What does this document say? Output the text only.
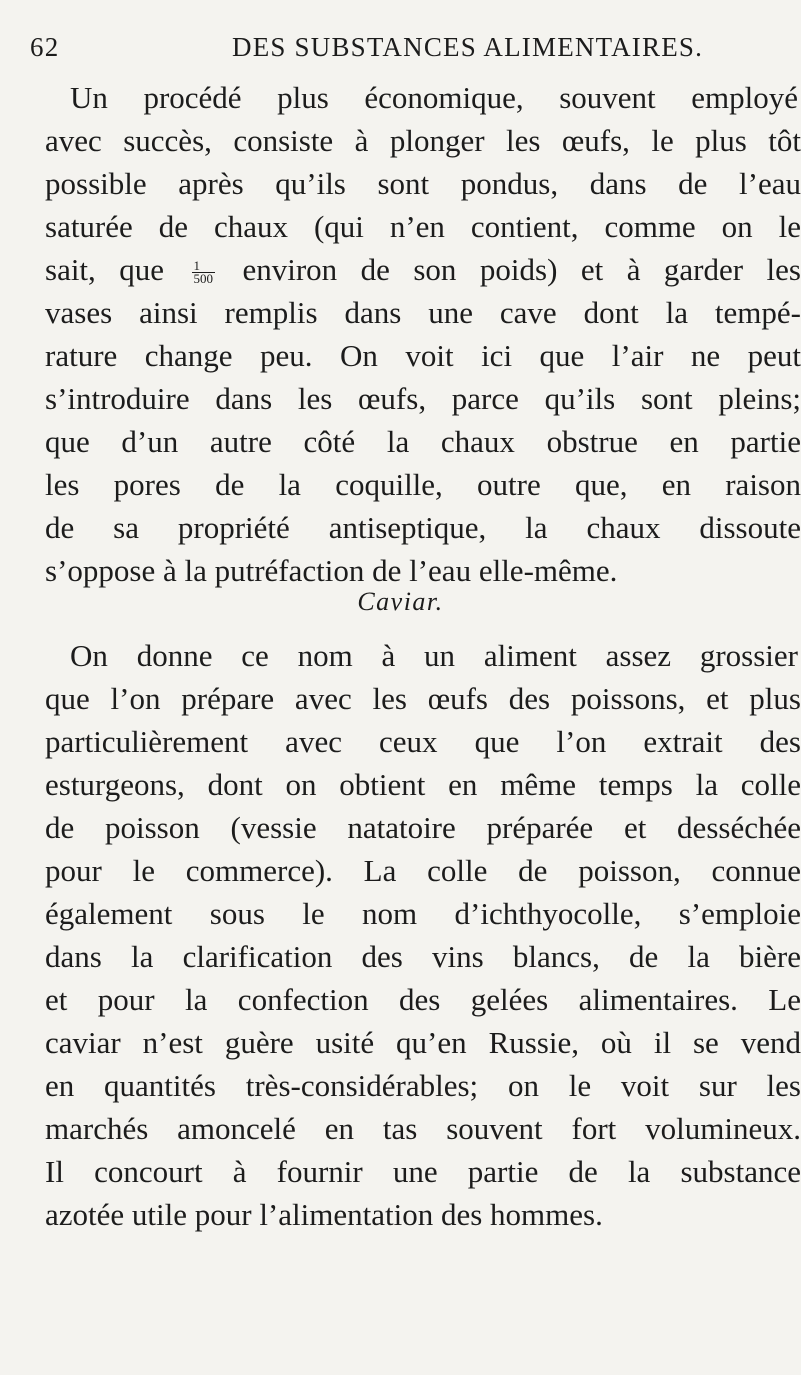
62	DES SUBSTANCES ALIMENTAIRES.
Un procédé plus économique, souvent employé
avec succès, consiste à plonger les œufs, le plus tôt
possible après qu’ils sont pondus, dans de l’eau
saturée de chaux (qui n’en contient, comme on le
sait, que $\frac{1}{500}$ environ de son poids) et à garder les
vases ainsi remplis dans une cave dont la tempé-
rature change peu. On voit ici que l’air ne peut
s’introduire dans les œufs, parce qu’ils sont pleins;
que d’un autre côté la chaux obstrue en partie
les pores de la coquille, outre que, en raison
de sa propriété antiseptique, la chaux dissoute
s’oppose à la putréfaction de l’eau elle-même.
Caviar.
On donne ce nom à un aliment assez grossier
que l’on prépare avec les œufs des poissons, et plus
particulièrement avec ceux que l’on extrait des
esturgeons, dont on obtient en même temps la colle
de poisson (vessie natatoire préparée et desséchée
pour le commerce). La colle de poisson, connue
également sous le nom d’ichthyocolle, s’emploie
dans la clarification des vins blancs, de la bière
et pour la confection des gelées alimentaires. Le
caviar n’est guère usité qu’en Russie, où il se vend
en quantités très-considérables; on le voit sur les
marchés amoncelé en tas souvent fort volumineux.
Il concourt à fournir une partie de la substance
azotée utile pour l’alimentation des hommes.
